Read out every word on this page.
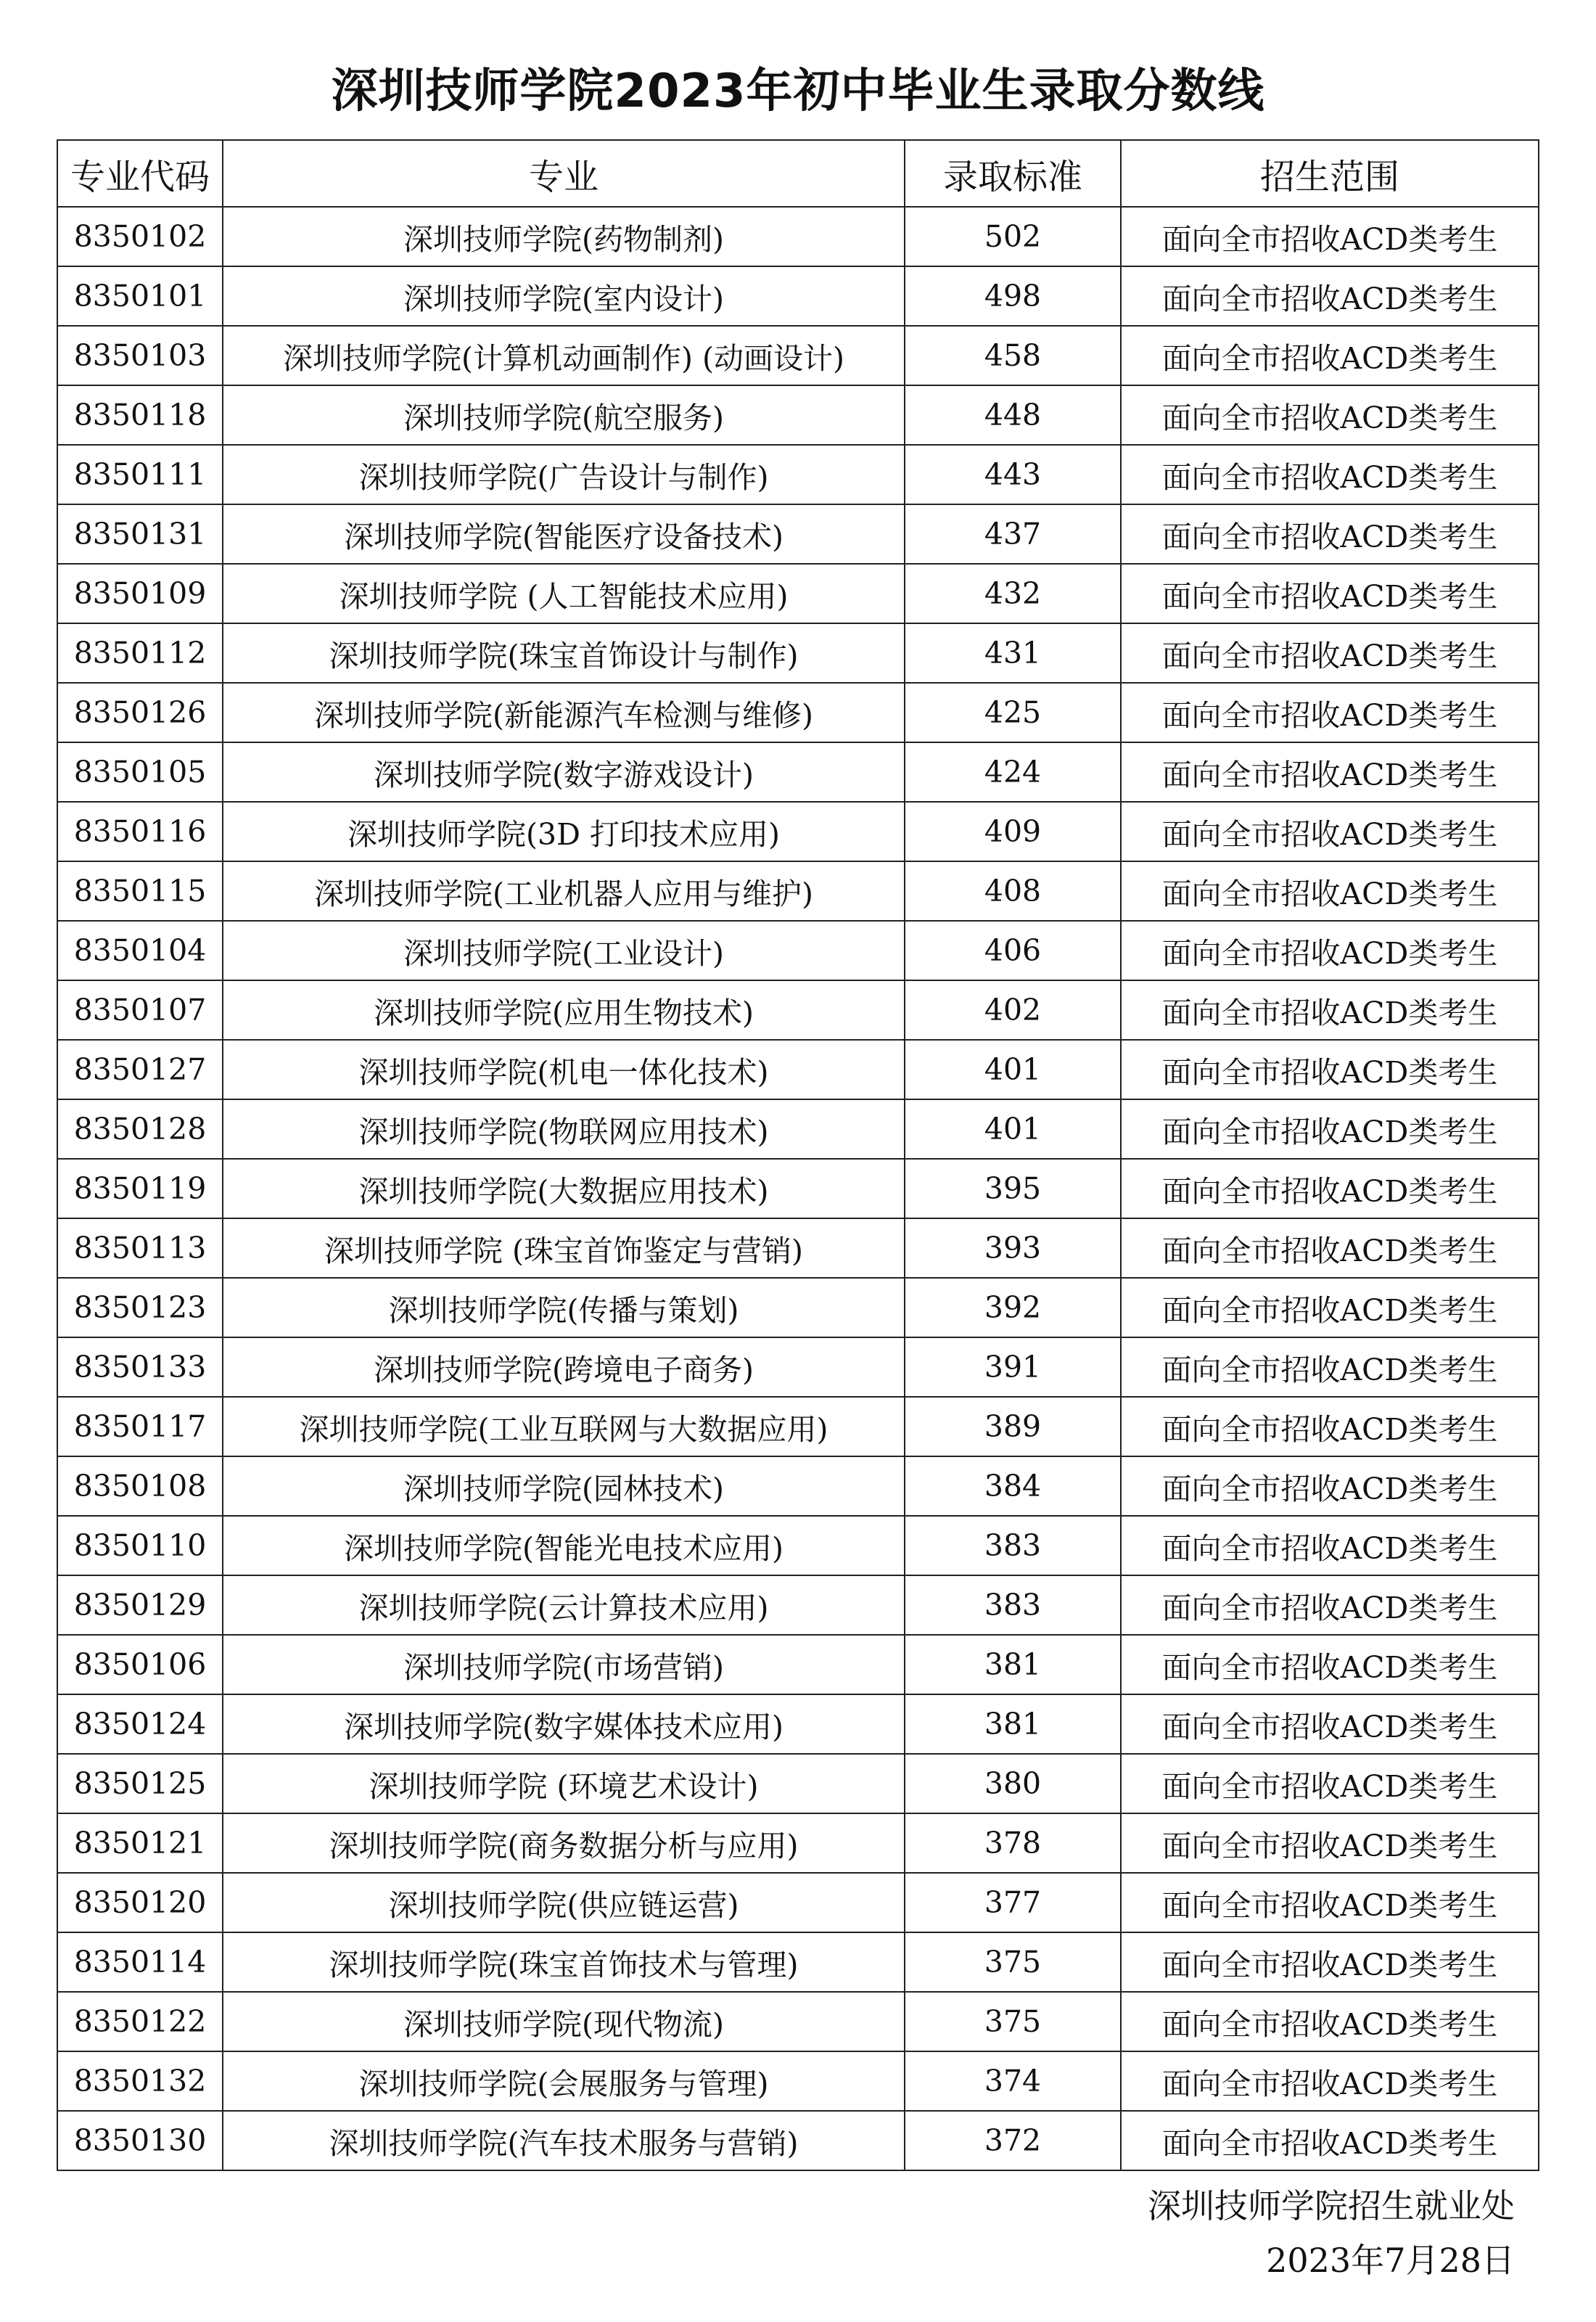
深圳技师学院2023年初中毕业生录取分数线
专业代码	专业	录取标准	招生范围
8350102	深圳技师学院(药物制剂)	502	面向全市招收ACD类考生
8350101	深圳技师学院(室内设计)	498	面向全市招收ACD类考生
8350103	深圳技师学院(计算机动画制作) (动画设计)	458	面向全市招收ACD类考生
8350118	深圳技师学院(航空服务)	448	面向全市招收ACD类考生
8350111	深圳技师学院(广告设计与制作)	443	面向全市招收ACD类考生
8350131	深圳技师学院(智能医疗设备技术)	437	面向全市招收ACD类考生
8350109	深圳技师学院 (人工智能技术应用)	432	面向全市招收ACD类考生
8350112	深圳技师学院(珠宝首饰设计与制作)	431	面向全市招收ACD类考生
8350126	深圳技师学院(新能源汽车检测与维修)	425	面向全市招收ACD类考生
8350105	深圳技师学院(数字游戏设计)	424	面向全市招收ACD类考生
8350116	深圳技师学院(3D 打印技术应用)	409	面向全市招收ACD类考生
8350115	深圳技师学院(工业机器人应用与维护)	408	面向全市招收ACD类考生
8350104	深圳技师学院(工业设计)	406	面向全市招收ACD类考生
8350107	深圳技师学院(应用生物技术)	402	面向全市招收ACD类考生
8350127	深圳技师学院(机电一体化技术)	401	面向全市招收ACD类考生
8350128	深圳技师学院(物联网应用技术)	401	面向全市招收ACD类考生
8350119	深圳技师学院(大数据应用技术)	395	面向全市招收ACD类考生
8350113	深圳技师学院 (珠宝首饰鉴定与营销)	393	面向全市招收ACD类考生
8350123	深圳技师学院(传播与策划)	392	面向全市招收ACD类考生
8350133	深圳技师学院(跨境电子商务)	391	面向全市招收ACD类考生
8350117	深圳技师学院(工业互联网与大数据应用)	389	面向全市招收ACD类考生
8350108	深圳技师学院(园林技术)	384	面向全市招收ACD类考生
8350110	深圳技师学院(智能光电技术应用)	383	面向全市招收ACD类考生
8350129	深圳技师学院(云计算技术应用)	383	面向全市招收ACD类考生
8350106	深圳技师学院(市场营销)	381	面向全市招收ACD类考生
8350124	深圳技师学院(数字媒体技术应用)	381	面向全市招收ACD类考生
8350125	深圳技师学院 (环境艺术设计)	380	面向全市招收ACD类考生
8350121	深圳技师学院(商务数据分析与应用)	378	面向全市招收ACD类考生
8350120	深圳技师学院(供应链运营)	377	面向全市招收ACD类考生
8350114	深圳技师学院(珠宝首饰技术与管理)	375	面向全市招收ACD类考生
8350122	深圳技师学院(现代物流)	375	面向全市招收ACD类考生
8350132	深圳技师学院(会展服务与管理)	374	面向全市招收ACD类考生
8350130	深圳技师学院(汽车技术服务与营销)	372	面向全市招收ACD类考生
深圳技师学院招生就业处
2023年7月28日
